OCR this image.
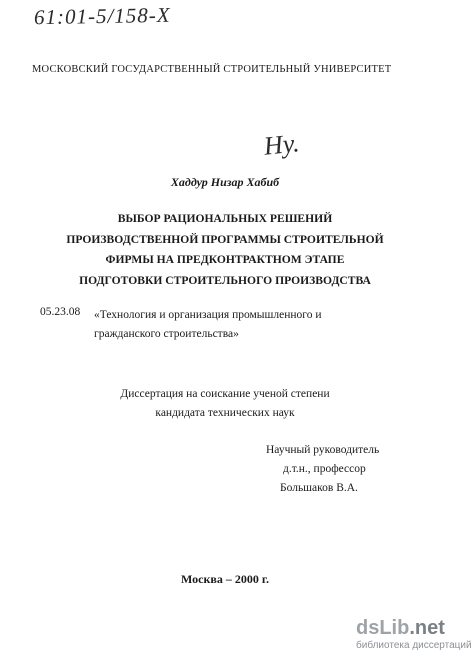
61:01-5/158-X
МОСКОВСКИЙ ГОСУДАРСТВЕННЫЙ СТРОИТЕЛЬНЫЙ УНИВЕРСИТЕТ
Ну.
Хаддур Низар Хабиб
ВЫБОР РАЦИОНАЛЬНЫХ РЕШЕНИЙ
ПРОИЗВОДСТВЕННОЙ ПРОГРАММЫ СТРОИТЕЛЬНОЙ
ФИРМЫ НА ПРЕДКОНТРАКТНОМ ЭТАПЕ
ПОДГОТОВКИ СТРОИТЕЛЬНОГО ПРОИЗВОДСТВА
05.23.08 «Технология и организация промышленного и
гражданского строительства»
Диссертация на соискание ученой степени
кандидата технических наук
Научный руководитель
д.т.н., профессор
Большаков В.А.
Москва – 2000 г.
dsLib.net
библиотека диссертаций
